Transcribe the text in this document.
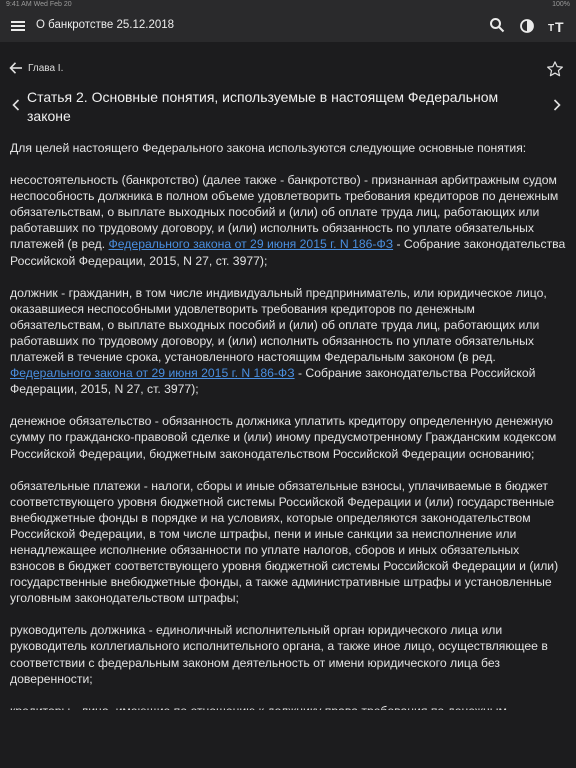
9:41 AM Wed Feb 20	100%
О банкротстве 25.12.2018	T T
Глава I.
Статья 2. Основные понятия, используемые в настоящем Федеральном законе

Для целей настоящего Федерального закона используются следующие основные понятия:

несостоятельность (банкротство) (далее также - банкротство) - признанная арбитражным судом неспособность должника в полном объеме удовлетворить требования кредиторов по денежным обязательствам, о выплате выходных пособий и (или) об оплате труда лиц, работающих или работавших по трудовому договору, и (или) исполнить обязанность по уплате обязательных платежей (в ред. Федерального закона от 29 июня 2015 г. N 186-ФЗ - Собрание законодательства Российской Федерации, 2015, N 27, ст. 3977);

должник - гражданин, в том числе индивидуальный предприниматель, или юридическое лицо, оказавшиеся неспособными удовлетворить требования кредиторов по денежным обязательствам, о выплате выходных пособий и (или) об оплате труда лиц, работающих или работавших по трудовому договору, и (или) исполнить обязанность по уплате обязательных платежей в течение срока, установленного настоящим Федеральным законом (в ред. Федерального закона от 29 июня 2015 г. N 186-ФЗ - Собрание законодательства Российской Федерации, 2015, N 27, ст. 3977);

денежное обязательство - обязанность должника уплатить кредитору определенную денежную сумму по гражданско-правовой сделке и (или) иному предусмотренному Гражданским кодексом Российской Федерации, бюджетным законодательством Российской Федерации основанию;

обязательные платежи - налоги, сборы и иные обязательные взносы, уплачиваемые в бюджет соответствующего уровня бюджетной системы Российской Федерации и (или) государственные внебюджетные фонды в порядке и на условиях, которые определяются законодательством Российской Федерации, в том числе штрафы, пени и иные санкции за неисполнение или ненадлежащее исполнение обязанности по уплате налогов, сборов и иных обязательных взносов в бюджет соответствующего уровня бюджетной системы Российской Федерации и (или) государственные внебюджетные фонды, а также административные штрафы и установленные уголовным законодательством штрафы;

руководитель должника - единоличный исполнительный орган юридического лица или руководитель коллегиального исполнительного органа, а также иное лицо, осуществляющее в соответствии с федеральным законом деятельность от имени юридического лица без доверенности;
